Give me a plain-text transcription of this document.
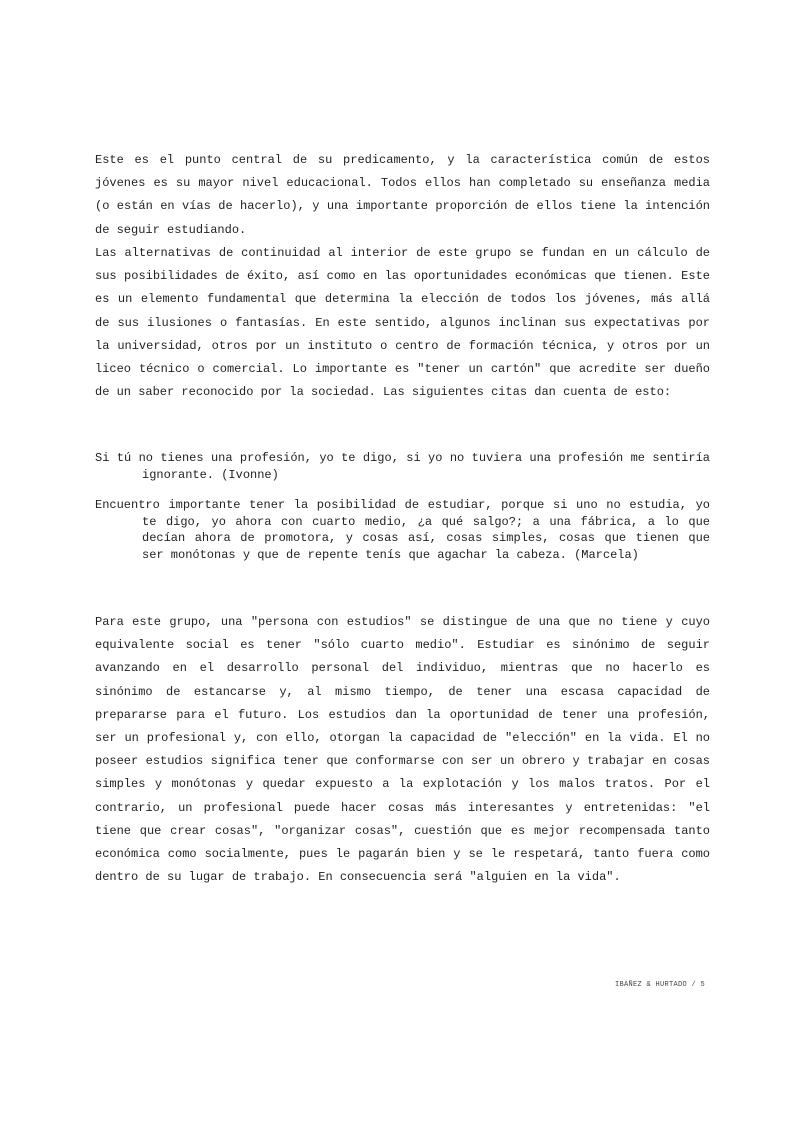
Este es el punto central de su predicamento, y la característica común de estos jóvenes es su mayor nivel educacional. Todos ellos han completado su enseñanza media (o están en vías de hacerlo), y una importante proporción de ellos tiene la intención de seguir estudiando.

Las alternativas de continuidad al interior de este grupo se fundan en un cálculo de sus posibilidades de éxito, así como en las oportunidades económicas que tienen. Este es un elemento fundamental que determina la elección de todos los jóvenes, más allá de sus ilusiones o fantasías. En este sentido, algunos inclinan sus expectativas por la universidad, otros por un instituto o centro de formación técnica, y otros por un liceo técnico o comercial. Lo importante es "tener un cartón" que acredite ser dueño de un saber reconocido por la sociedad. Las siguientes citas dan cuenta de esto:

Si tú no tienes una profesión, yo te digo, si yo no tuviera una profesión me sentiría ignorante. (Ivonne)

Encuentro importante tener la posibilidad de estudiar, porque si uno no estudia, yo te digo, yo ahora con cuarto medio, ¿a qué salgo?; a una fábrica, a lo que decían ahora de promotora, y cosas así, cosas simples, cosas que tienen que ser monótonas y que de repente tenís que agachar la cabeza. (Marcela)

Para este grupo, una "persona con estudios" se distingue de una que no tiene y cuyo equivalente social es tener "sólo cuarto medio". Estudiar es sinónimo de seguir avanzando en el desarrollo personal del individuo, mientras que no hacerlo es sinónimo de estancarse y, al mismo tiempo, de tener una escasa capacidad de prepararse para el futuro. Los estudios dan la oportunidad de tener una profesión, ser un profesional y, con ello, otorgan la capacidad de "elección" en la vida. El no poseer estudios significa tener que conformarse con ser un obrero y trabajar en cosas simples y monótonas y quedar expuesto a la explotación y los malos tratos. Por el contrario, un profesional puede hacer cosas más interesantes y entretenidas: "el tiene que crear cosas", "organizar cosas", cuestión que es mejor recompensada tanto económica como socialmente, pues le pagarán bien y se le respetará, tanto fuera como dentro de su lugar de trabajo. En consecuencia será "alguien en la vida".

IBAÑEZ & HURTADO / 5
